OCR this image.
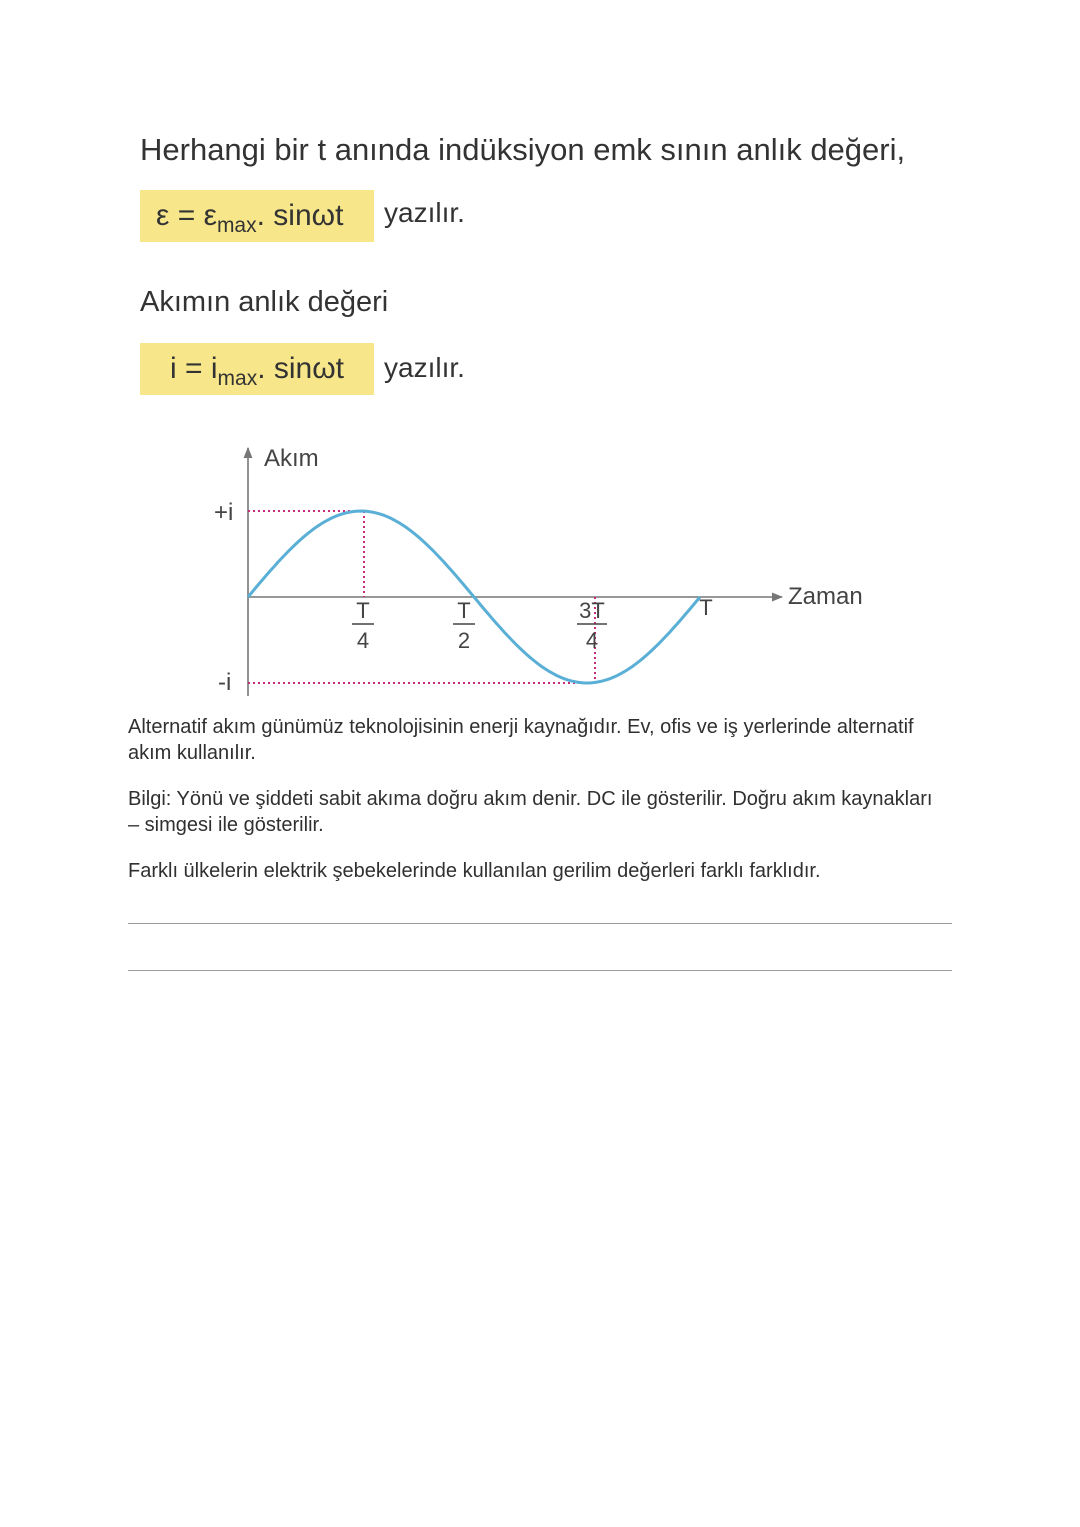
Herhangi bir t anında indüksiyon emk sının anlık değeri,
ε = ε max . sinωt yazılır.
Akımın anlık değeri
i = i max . sinωt yazılır.
Akım
Zaman
+i
-i
T
4
T
2
3T
4
T
Alternatif akım günümüz teknolojisinin enerji kaynağıdır. Ev, ofis ve iş yerlerinde alternatif akım kullanılır.
Bilgi: Yönü ve şiddeti sabit akıma doğru akım denir. DC ile gösterilir. Doğru akım kaynakları – simgesi ile gösterilir.
Farklı ülkelerin elektrik şebekelerinde kullanılan gerilim değerleri farklı farklıdır.
